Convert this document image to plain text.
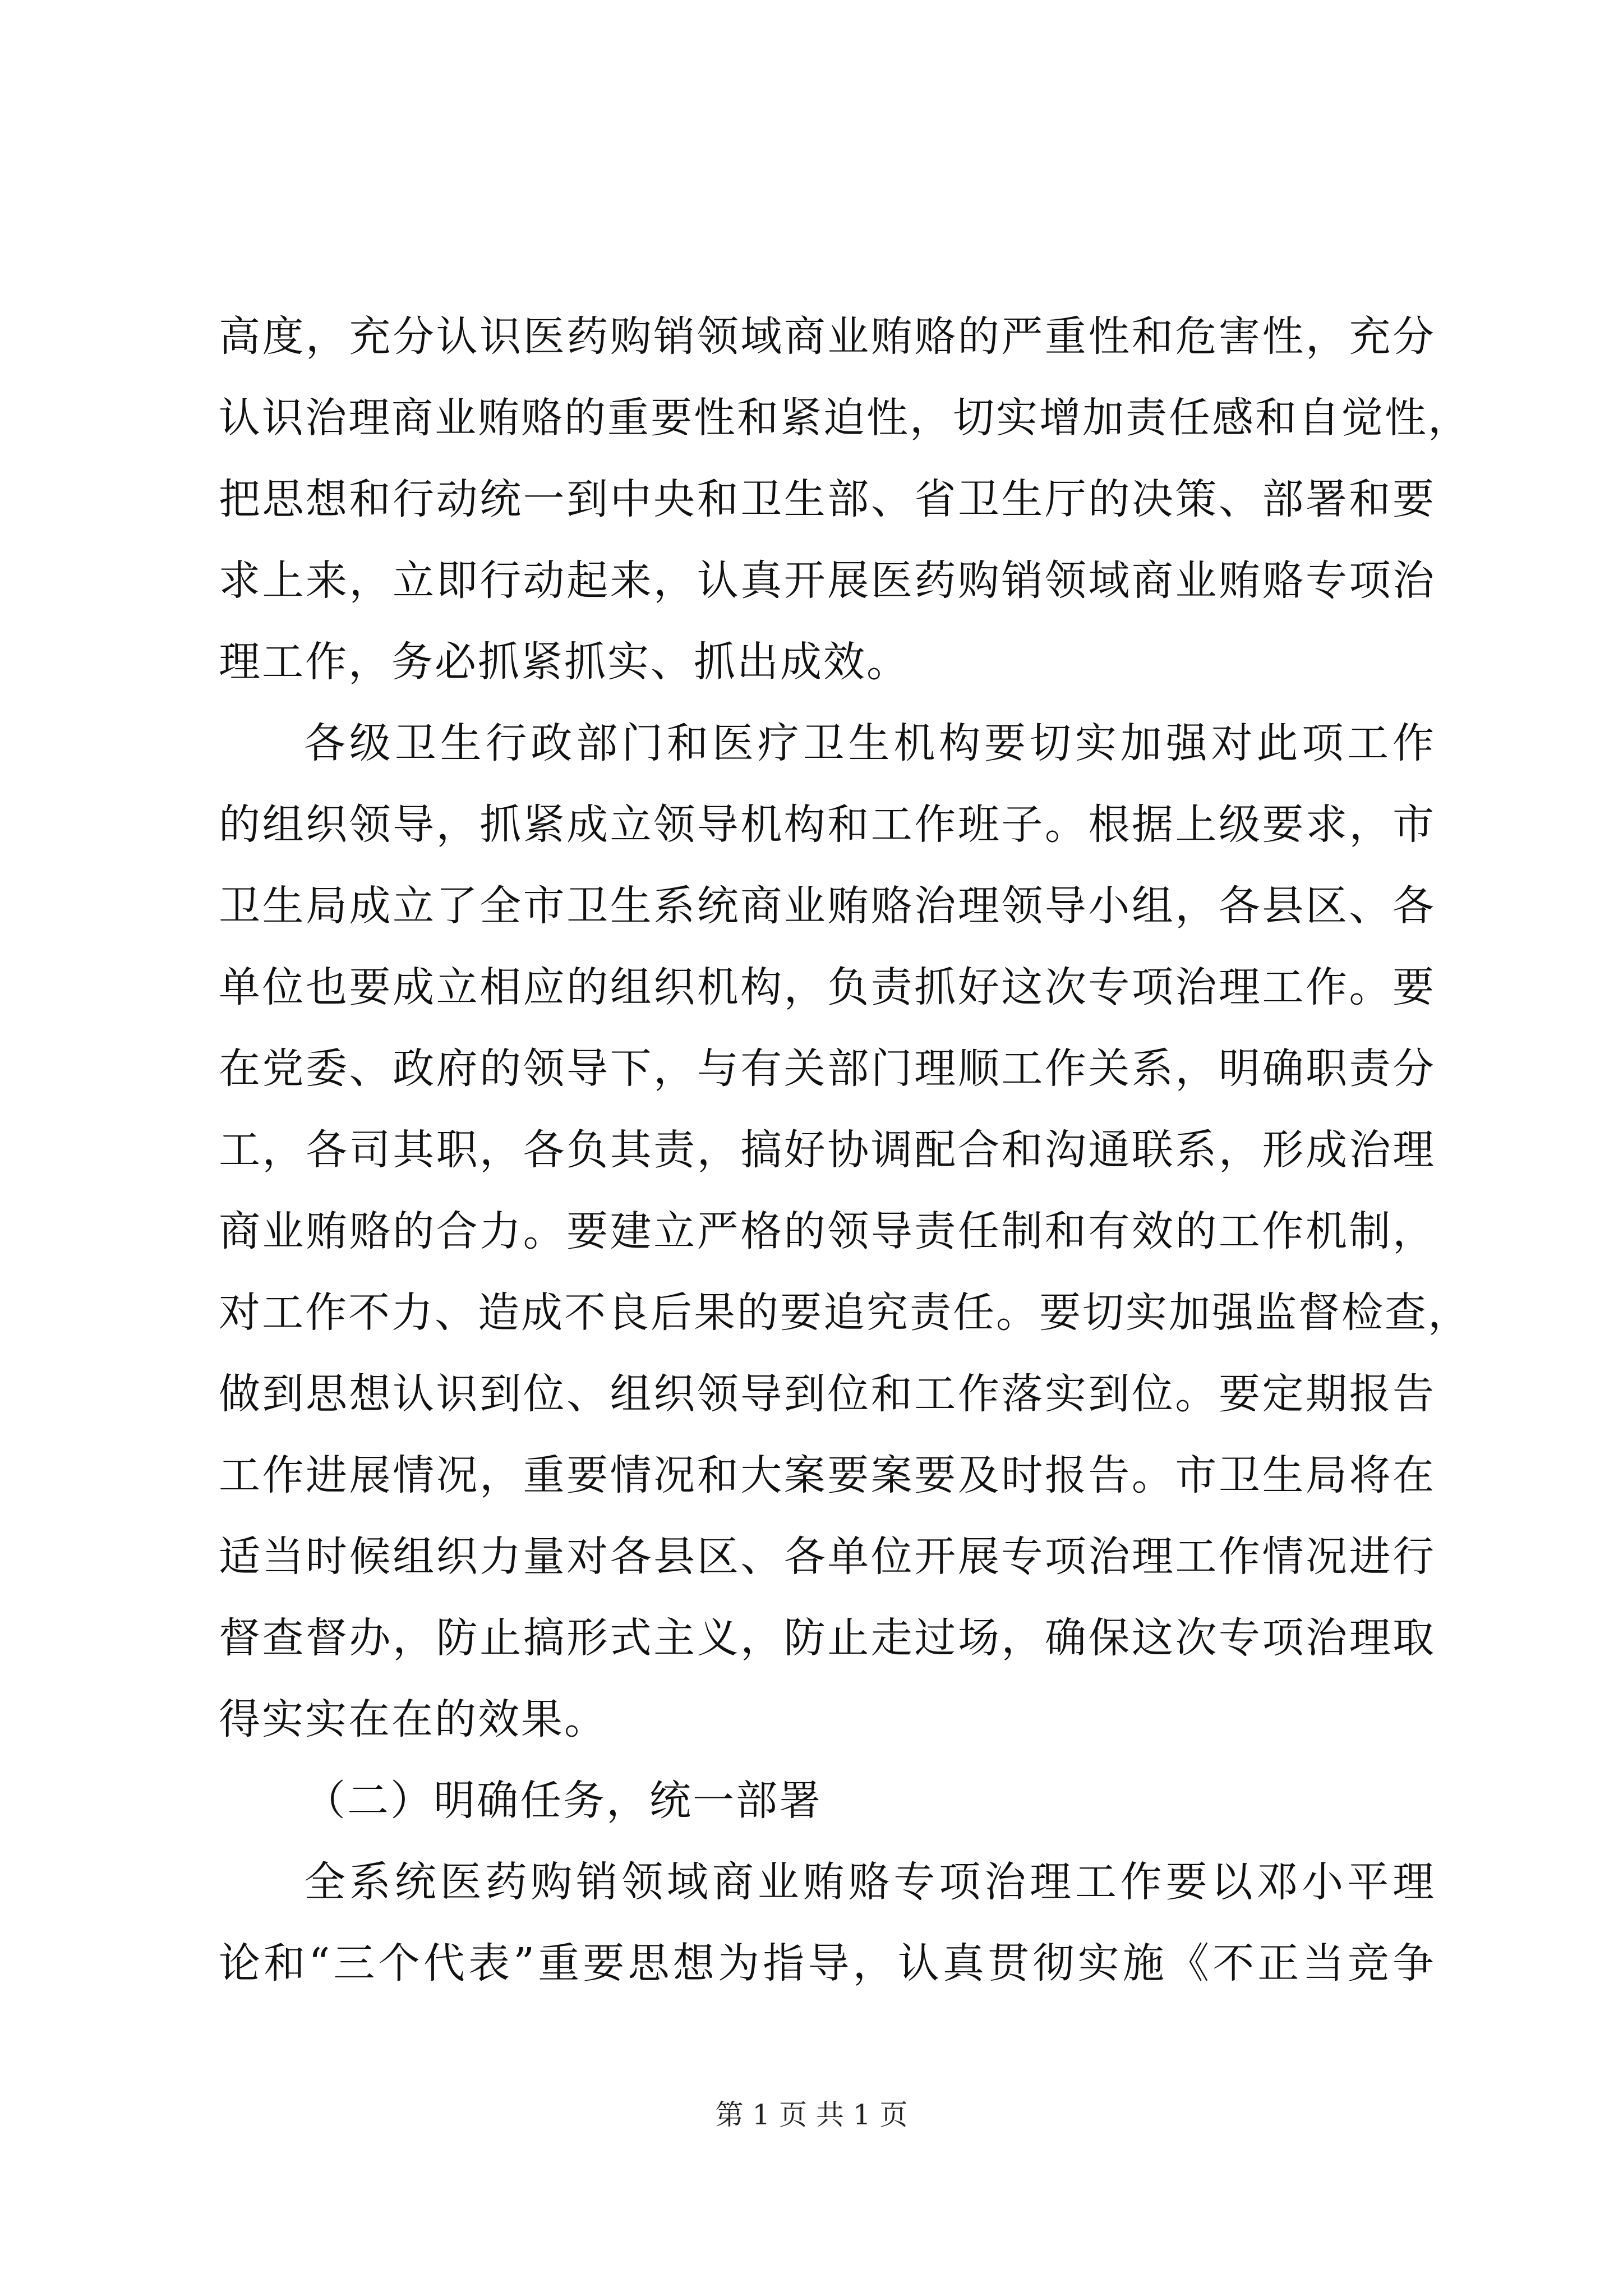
高度，充分认识医药购销领域商业贿赂的严重性和危害性，充分
认识治理商业贿赂的重要性和紧迫性，切实增加责任感和自觉性，
把思想和行动统一到中央和卫生部、省卫生厅的决策、部署和要
求上来，立即行动起来，认真开展医药购销领域商业贿赂专项治
理工作，务必抓紧抓实、抓出成效。
各级卫生行政部门和医疗卫生机构要切实加强对此项工作
的组织领导，抓紧成立领导机构和工作班子。根据上级要求，市
卫生局成立了全市卫生系统商业贿赂治理领导小组，各县区、各
单位也要成立相应的组织机构，负责抓好这次专项治理工作。要
在党委、政府的领导下，与有关部门理顺工作关系，明确职责分
工，各司其职，各负其责，搞好协调配合和沟通联系，形成治理
商业贿赂的合力。要建立严格的领导责任制和有效的工作机制，
对工作不力、造成不良后果的要追究责任。要切实加强监督检查，
做到思想认识到位、组织领导到位和工作落实到位。要定期报告
工作进展情况，重要情况和大案要案要及时报告。市卫生局将在
适当时候组织力量对各县区、各单位开展专项治理工作情况进行
督查督办，防止搞形式主义，防止走过场，确保这次专项治理取
得实实在在的效果。
（二）明确任务，统一部署
全系统医药购销领域商业贿赂专项治理工作要以邓小平理
论和“三个代表”重要思想为指导，认真贯彻实施《不正当竞争
第 1 页 共 1 页
